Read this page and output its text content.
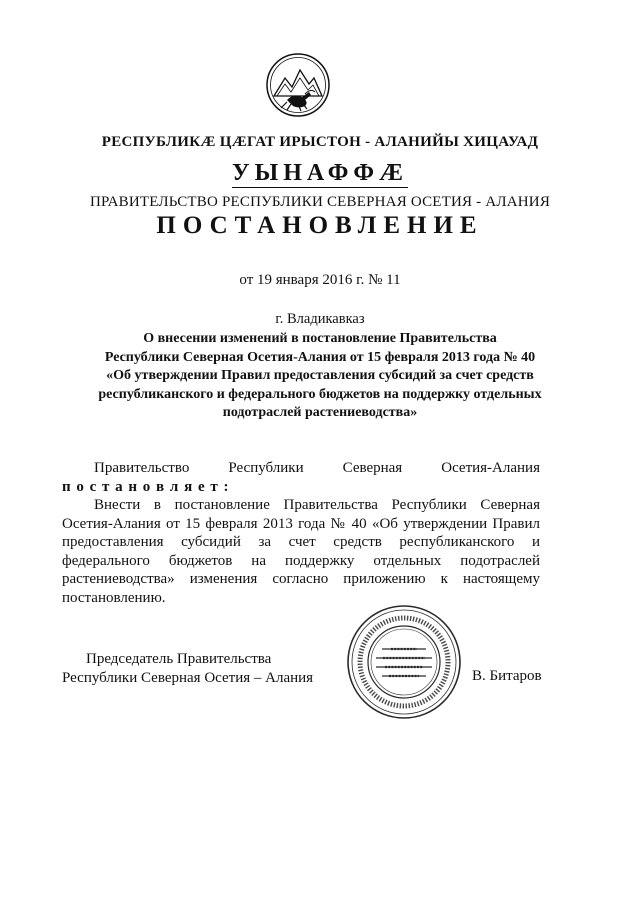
РЕСПУБЛИКÆ ЦÆГАТ ИРЫСТОН - АЛАНИЙЫ ХИЦАУАД
УЫНАФФÆ
ПРАВИТЕЛЬСТВО РЕСПУБЛИКИ СЕВЕРНАЯ ОСЕТИЯ - АЛАНИЯ
ПОСТАНОВЛЕНИЕ
от 19 января 2016 г. № 11
г. Владикавказ
О внесении изменений в постановление Правительства
Республики Северная Осетия-Алания от 15 февраля 2013 года № 40
«Об утверждении Правил предоставления субсидий за счет средств
республиканского и федерального бюджетов на поддержку отдельных
подотраслей растениеводства»
Правительство	Республики	Северная	Осетия-Алания
п о с т а н о в л я е т :
Внести в постановление Правительства Республики Северная
Осетия-Алания от 15 февраля 2013 года № 40 «Об утверждении Правил
предоставления субсидий за счет средств республиканского и
федерального бюджетов на поддержку отдельных подотраслей
растениеводства» изменения согласно приложению к настоящему
постановлению.
Председатель Правительства
Республики Северная Осетия – Алания	В. Битаров
